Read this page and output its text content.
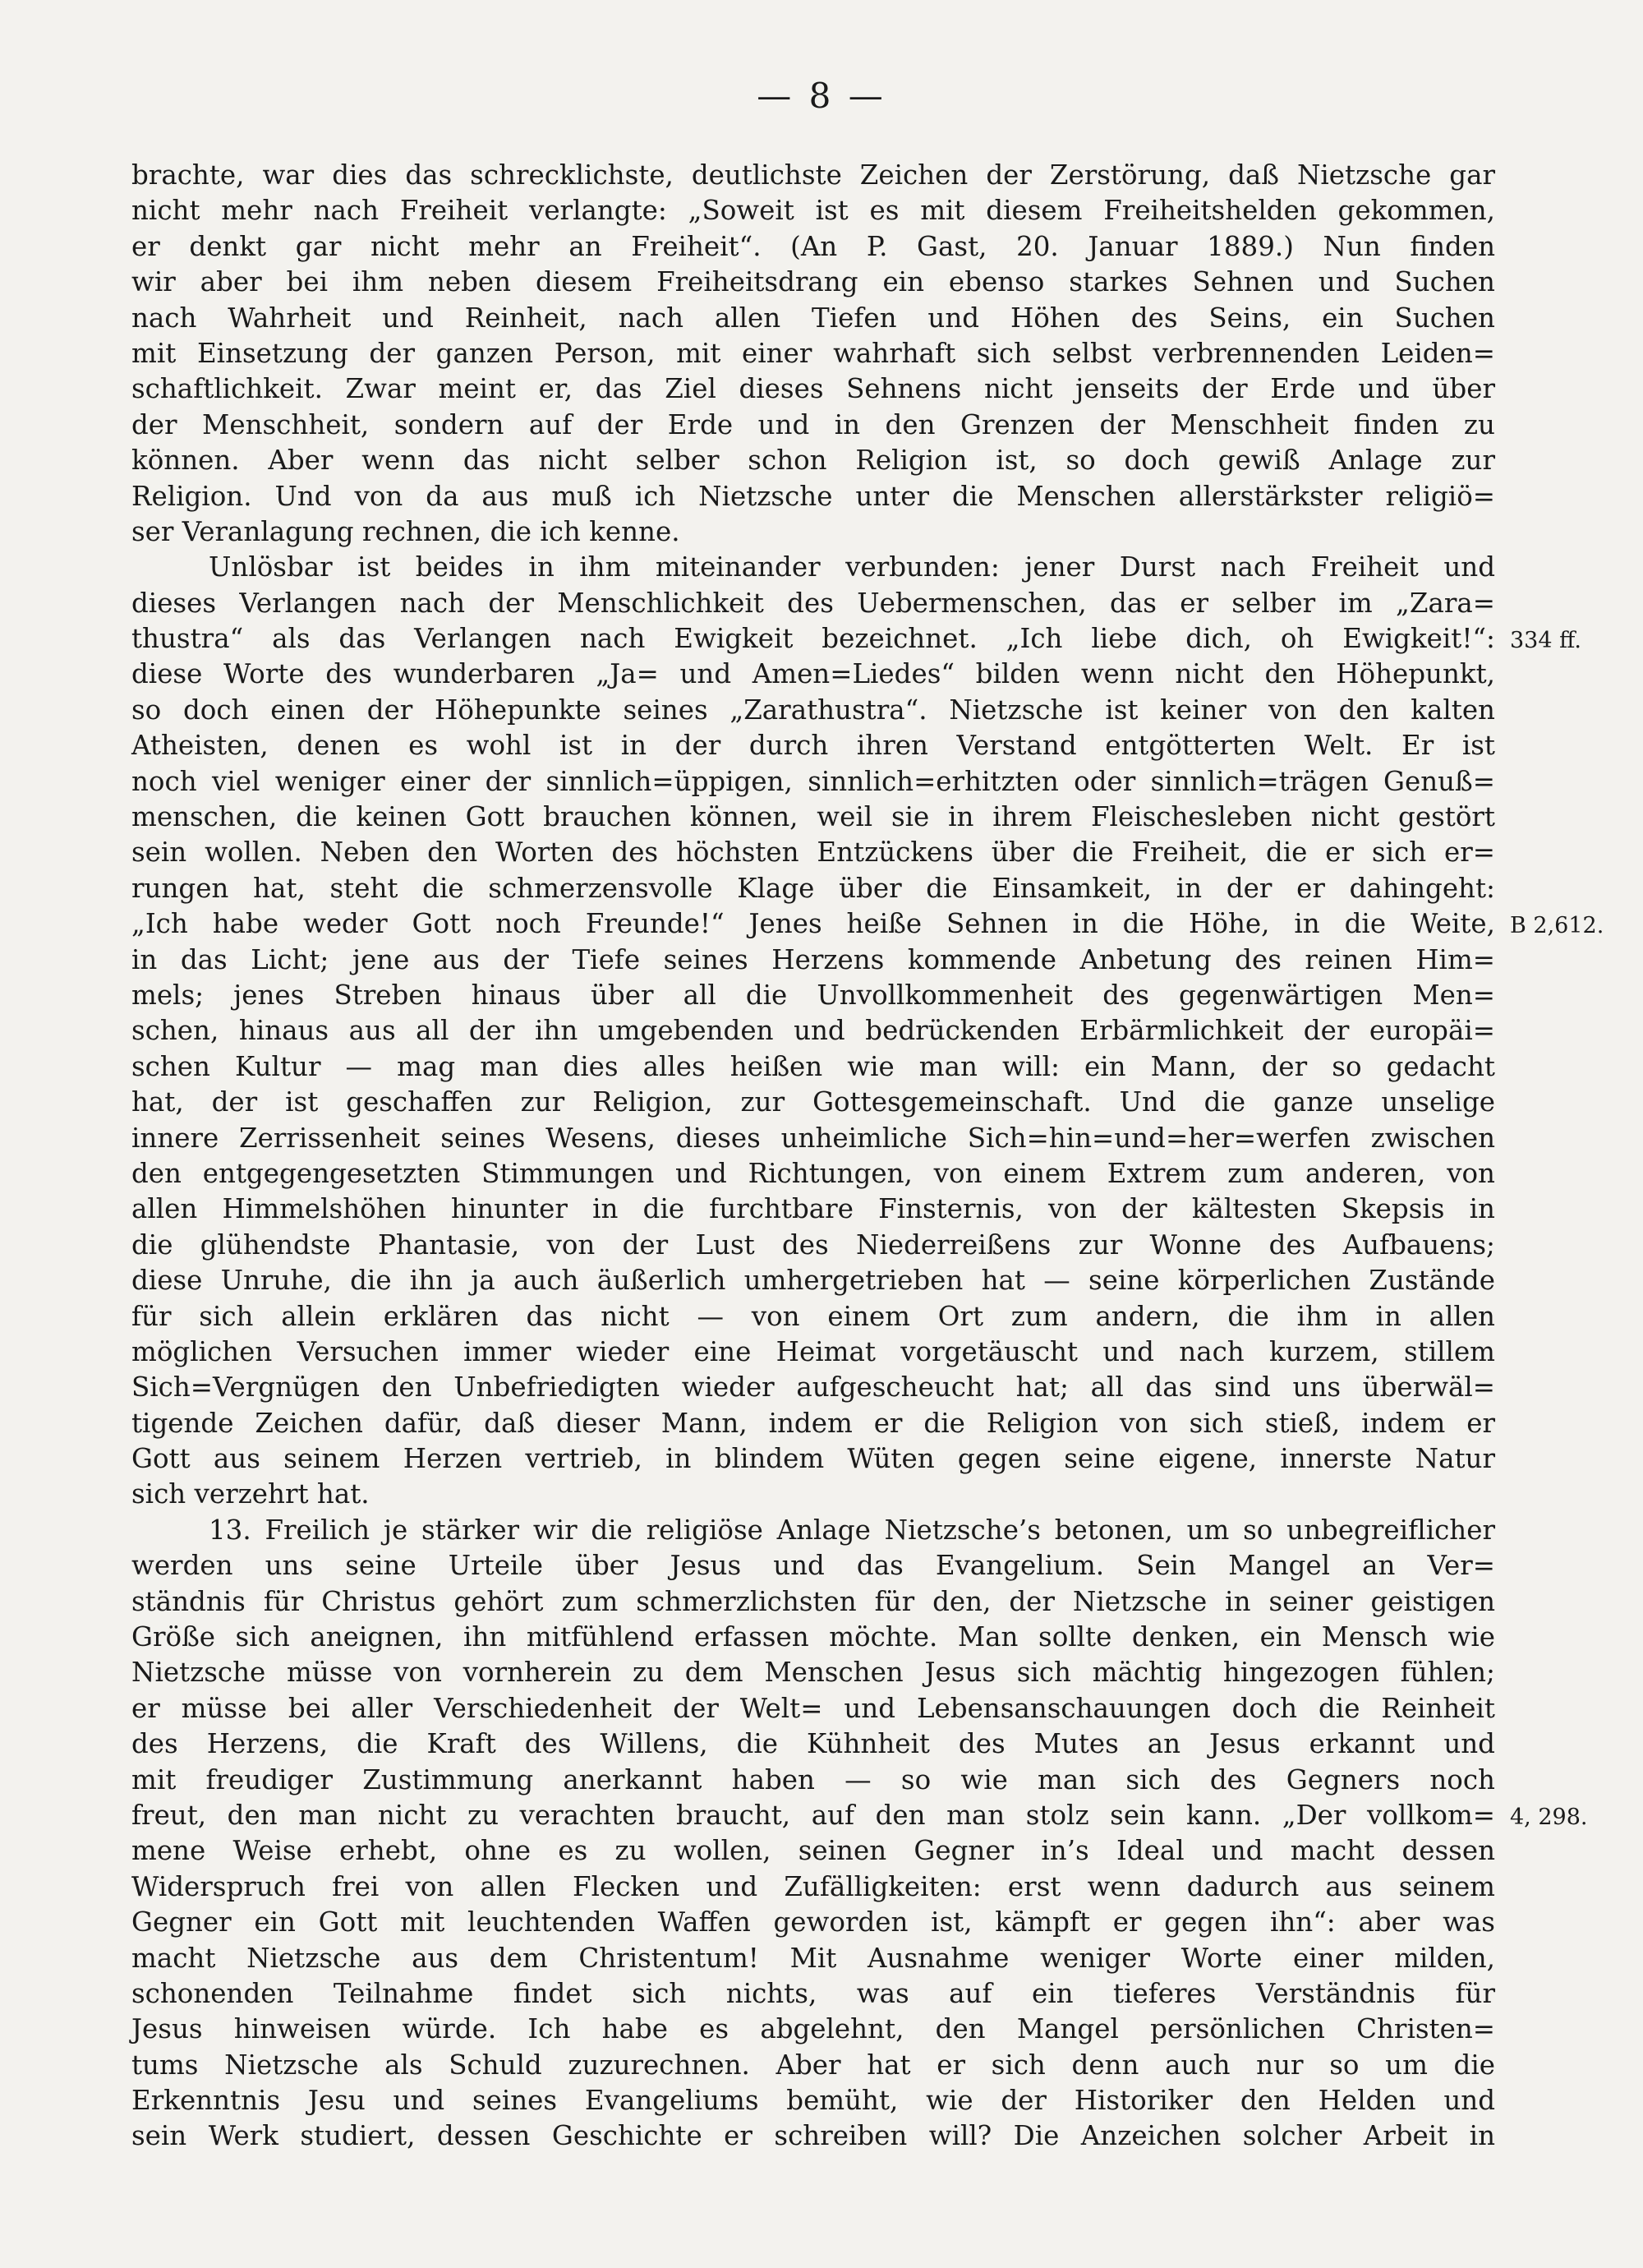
— 8 —
brachte, war dies das schrecklichste, deutlichste Zeichen der Zerstörung, daß Nietzsche gar
nicht mehr nach Freiheit verlangte: „Soweit ist es mit diesem Freiheitshelden gekommen,
er denkt gar nicht mehr an Freiheit“. (An P. Gast, 20. Januar 1889.) Nun finden
wir aber bei ihm neben diesem Freiheitsdrang ein ebenso starkes Sehnen und Suchen
nach Wahrheit und Reinheit, nach allen Tiefen und Höhen des Seins, ein Suchen
mit Einsetzung der ganzen Person, mit einer wahrhaft sich selbst verbrennenden Leiden=
schaftlichkeit. Zwar meint er, das Ziel dieses Sehnens nicht jenseits der Erde und über
der Menschheit, sondern auf der Erde und in den Grenzen der Menschheit finden zu
können. Aber wenn das nicht selber schon Religion ist, so doch gewiß Anlage zur
Religion. Und von da aus muß ich Nietzsche unter die Menschen allerstärkster religiö=
ser Veranlagung rechnen, die ich kenne.
Unlösbar ist beides in ihm miteinander verbunden: jener Durst nach Freiheit und
dieses Verlangen nach der Menschlichkeit des Uebermenschen, das er selber im „Zara=
thustra“ als das Verlangen nach Ewigkeit bezeichnet. „Ich liebe dich, oh Ewigkeit!“:
diese Worte des wunderbaren „Ja= und Amen=Liedes“ bilden wenn nicht den Höhepunkt,
so doch einen der Höhepunkte seines „Zarathustra“. Nietzsche ist keiner von den kalten
Atheisten, denen es wohl ist in der durch ihren Verstand entgötterten Welt. Er ist
noch viel weniger einer der sinnlich=üppigen, sinnlich=erhitzten oder sinnlich=trägen Genuß=
menschen, die keinen Gott brauchen können, weil sie in ihrem Fleischesleben nicht gestört
sein wollen. Neben den Worten des höchsten Entzückens über die Freiheit, die er sich er=
rungen hat, steht die schmerzensvolle Klage über die Einsamkeit, in der er dahingeht:
„Ich habe weder Gott noch Freunde!“ Jenes heiße Sehnen in die Höhe, in die Weite,
in das Licht; jene aus der Tiefe seines Herzens kommende Anbetung des reinen Him=
mels; jenes Streben hinaus über all die Unvollkommenheit des gegenwärtigen Men=
schen, hinaus aus all der ihn umgebenden und bedrückenden Erbärmlichkeit der europäi=
schen Kultur — mag man dies alles heißen wie man will: ein Mann, der so gedacht
hat, der ist geschaffen zur Religion, zur Gottesgemeinschaft. Und die ganze unselige
innere Zerrissenheit seines Wesens, dieses unheimliche Sich=hin=und=her=werfen zwischen
den entgegengesetzten Stimmungen und Richtungen, von einem Extrem zum anderen, von
allen Himmelshöhen hinunter in die furchtbare Finsternis, von der kältesten Skepsis in
die glühendste Phantasie, von der Lust des Niederreißens zur Wonne des Aufbauens;
diese Unruhe, die ihn ja auch äußerlich umhergetrieben hat — seine körperlichen Zustände
für sich allein erklären das nicht — von einem Ort zum andern, die ihm in allen
möglichen Versuchen immer wieder eine Heimat vorgetäuscht und nach kurzem, stillem
Sich=Vergnügen den Unbefriedigten wieder aufgescheucht hat; all das sind uns überwäl=
tigende Zeichen dafür, daß dieser Mann, indem er die Religion von sich stieß, indem er
Gott aus seinem Herzen vertrieb, in blindem Wüten gegen seine eigene, innerste Natur
sich verzehrt hat.
13. Freilich je stärker wir die religiöse Anlage Nietzsche’s betonen, um so unbegreiflicher
werden uns seine Urteile über Jesus und das Evangelium. Sein Mangel an Ver=
ständnis für Christus gehört zum schmerzlichsten für den, der Nietzsche in seiner geistigen
Größe sich aneignen, ihn mitfühlend erfassen möchte. Man sollte denken, ein Mensch wie
Nietzsche müsse von vornherein zu dem Menschen Jesus sich mächtig hingezogen fühlen;
er müsse bei aller Verschiedenheit der Welt= und Lebensanschauungen doch die Reinheit
des Herzens, die Kraft des Willens, die Kühnheit des Mutes an Jesus erkannt und
mit freudiger Zustimmung anerkannt haben — so wie man sich des Gegners noch
freut, den man nicht zu verachten braucht, auf den man stolz sein kann. „Der vollkom=
mene Weise erhebt, ohne es zu wollen, seinen Gegner in’s Ideal und macht dessen
Widerspruch frei von allen Flecken und Zufälligkeiten: erst wenn dadurch aus seinem
Gegner ein Gott mit leuchtenden Waffen geworden ist, kämpft er gegen ihn“: aber was
macht Nietzsche aus dem Christentum! Mit Ausnahme weniger Worte einer milden,
schonenden Teilnahme findet sich nichts, was auf ein tieferes Verständnis für
Jesus hinweisen würde. Ich habe es abgelehnt, den Mangel persönlichen Christen=
tums Nietzsche als Schuld zuzurechnen. Aber hat er sich denn auch nur so um die
Erkenntnis Jesu und seines Evangeliums bemüht, wie der Historiker den Helden und
sein Werk studiert, dessen Geschichte er schreiben will? Die Anzeichen solcher Arbeit in
334 ff.
B 2,612.
4, 298.
